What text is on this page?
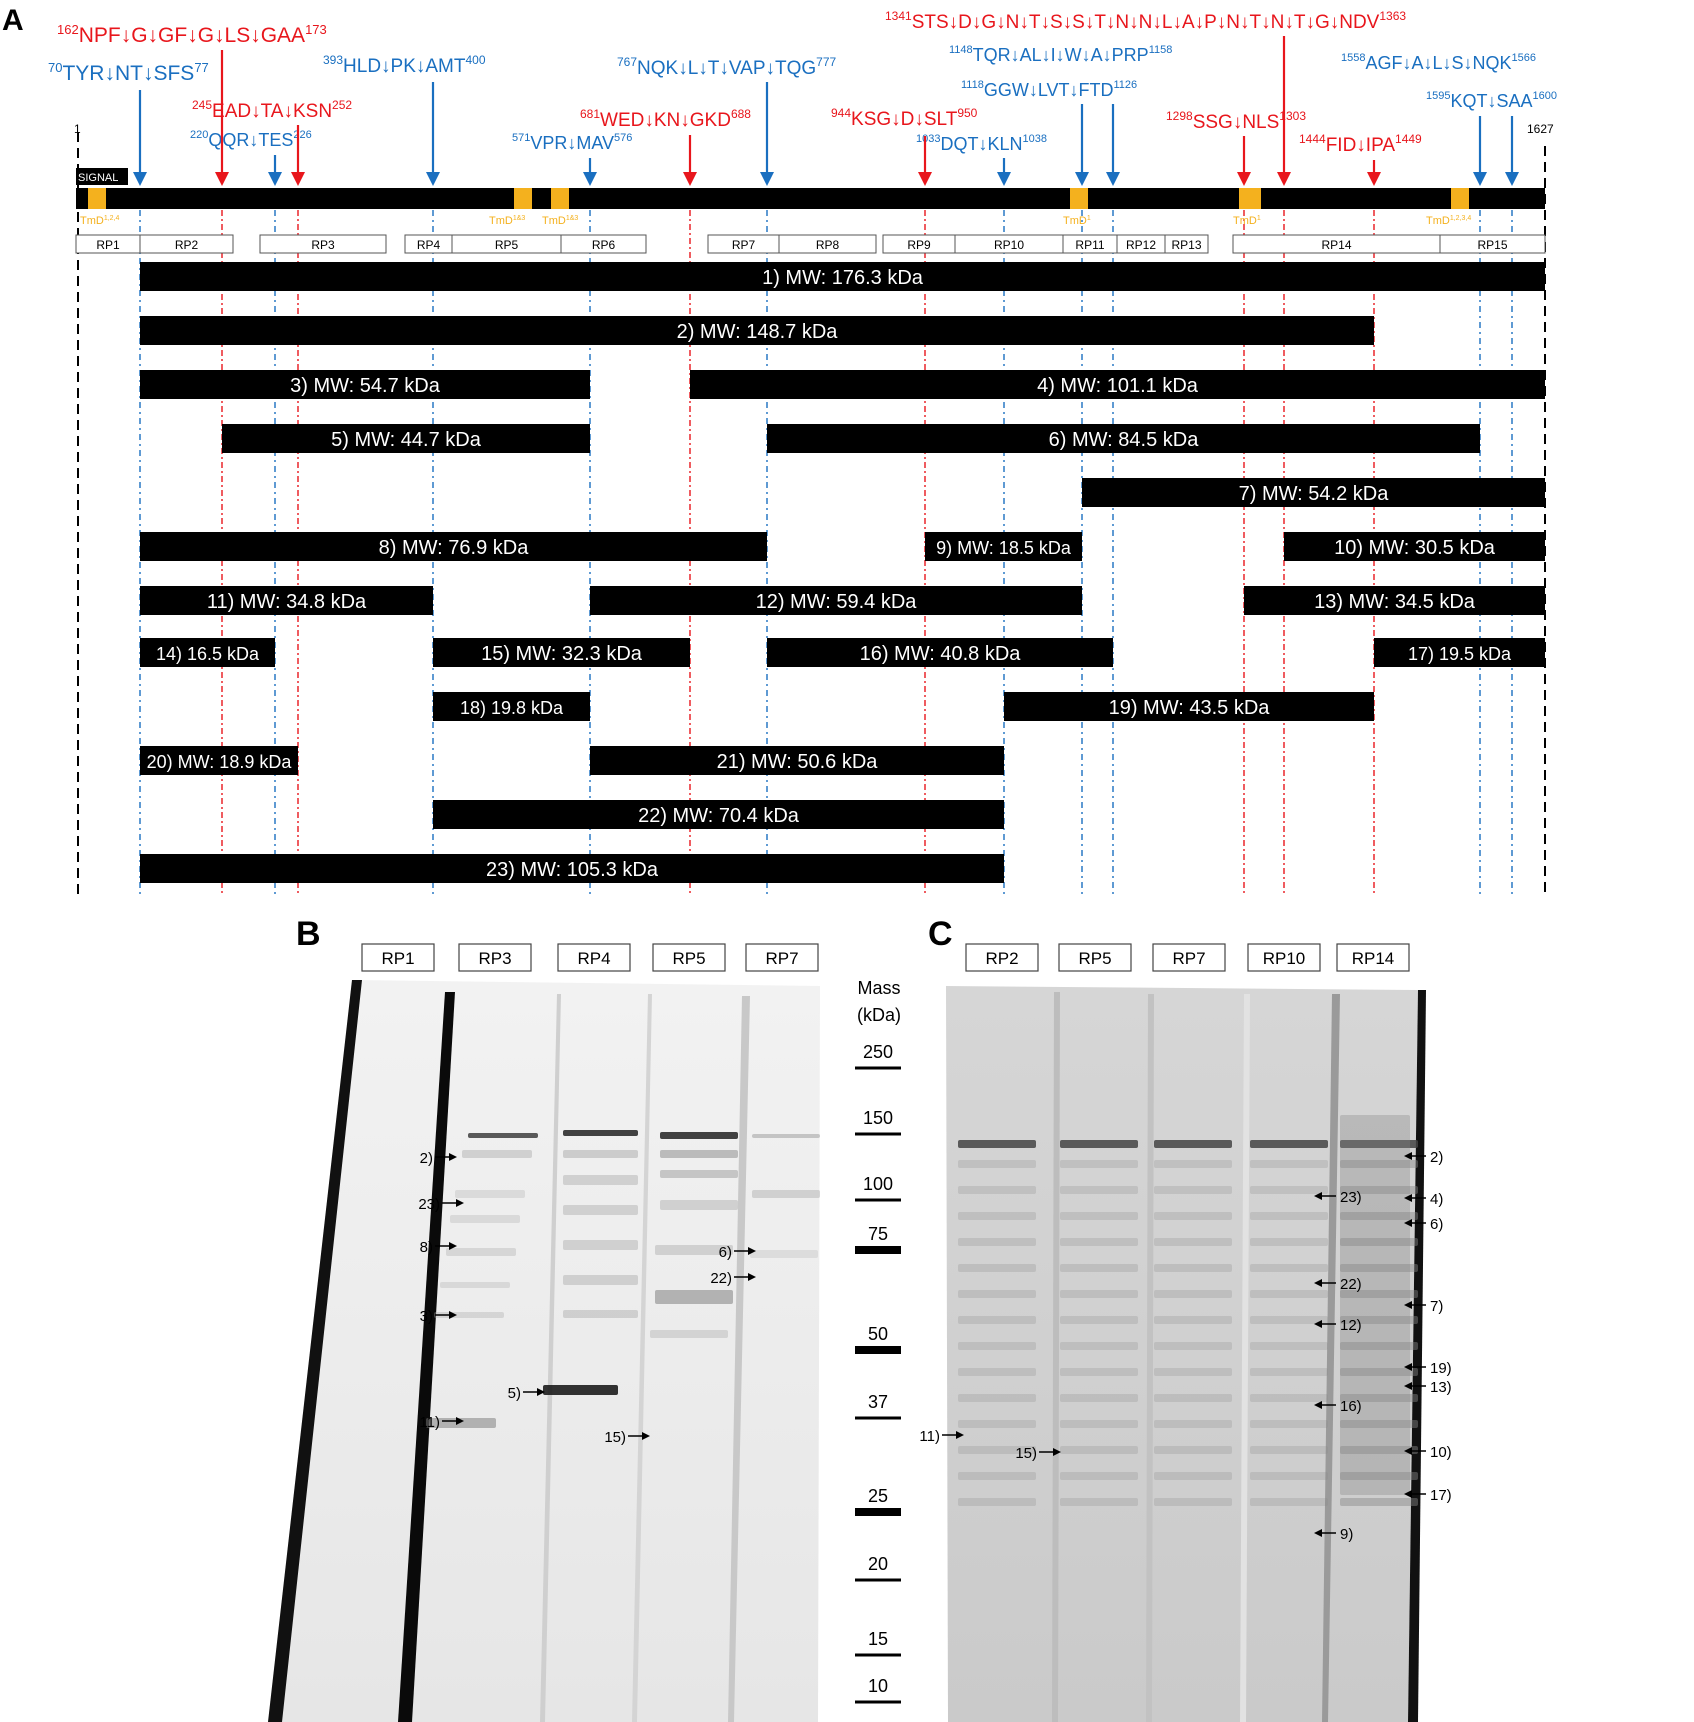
A
$^{70}$TYR↓NT↓SFS$^{77}$
$^{162}$NPF↓G↓GF↓G↓LS↓GAA$^{173}$
$^{220}$QQR↓TES$^{226}$
$^{245}$EAD↓TA↓KSN$^{252}$
$^{393}$HLD↓PK↓AMT$^{400}$
$^{571}$VPR↓MAV$^{576}$
$^{681}$WED↓KN↓GKD$^{688}$
$^{767}$NQK↓L↓T↓VAP↓TQG$^{777}$
$^{944}$KSG↓D↓SLT$^{950}$
$^{1033}DQT↓KLN^{1038}$
$^{1118}GGW↓LVT↓FTD^{1126}$
$^{1148}TQR↓AL↓I↓W↓A↓PRP^{1158}$
$^{1298}SSG↓NLS^{1303}$
$^{1341}STS↓D↓G↓N↓T↓S↓S↓T↓N↓N↓L↓A↓P↓N↓T↓N↓T↓G↓NDV^{1363}$
$^{1444}FID↓IPA^{1449}$
$^{1558}AGF↓A↓L↓S↓NQK^{1566}$
$^{1595}KQT↓SAA^{1600}$
1	1627
SIGNAL
TmD$^{1,2,4}$	TmD$^{1\&3}$ TmD$^{1\&3}$	TmD$^1$	TmD$^1$	TmD$^{1,2,3,4}$
RP1	RP2	RP3	RP4	RP5	RP6	RP7	RP8	RP9	RP10	RP11 RP12 RP13	RP14	RP15
1) MW: 176.3 kDa
2) MW: 148.7 kDa
3) MW: 54.7 kDa	4) MW: 101.1 kDa
5) MW: 44.7 kDa	6) MW: 84.5 kDa
7) MW: 54.2 kDa
8) MW: 76.9 kDa	9) MW: 18.5 kDa	10) MW: 30.5 kDa
11) MW: 34.8 kDa	12) MW: 59.4 kDa	13) MW: 34.5 kDa
14) 16.5 kDa	15) MW: 32.3 kDa	16) MW: 40.8 kDa	17) 19.5 kDa
18) 19.8 kDa	19) MW: 43.5 kDa
20) MW: 18.9 kDa	21) MW: 50.6 kDa
22) MW: 70.4 kDa
23) MW: 105.3 kDa
B
RP1	RP3	RP4	RP5	RP7
2)
23)
8)
3)
11)
5)
15)
6)
22)
Mass
(kDa)
250
150
100
75
50
37
25
20
15
10
C
RP2	RP5	RP7	RP10	RP14
11)
15)
23)
22)
12)
16)
9)
2)
4)
6)
7)
19)
13)
10)
17)
